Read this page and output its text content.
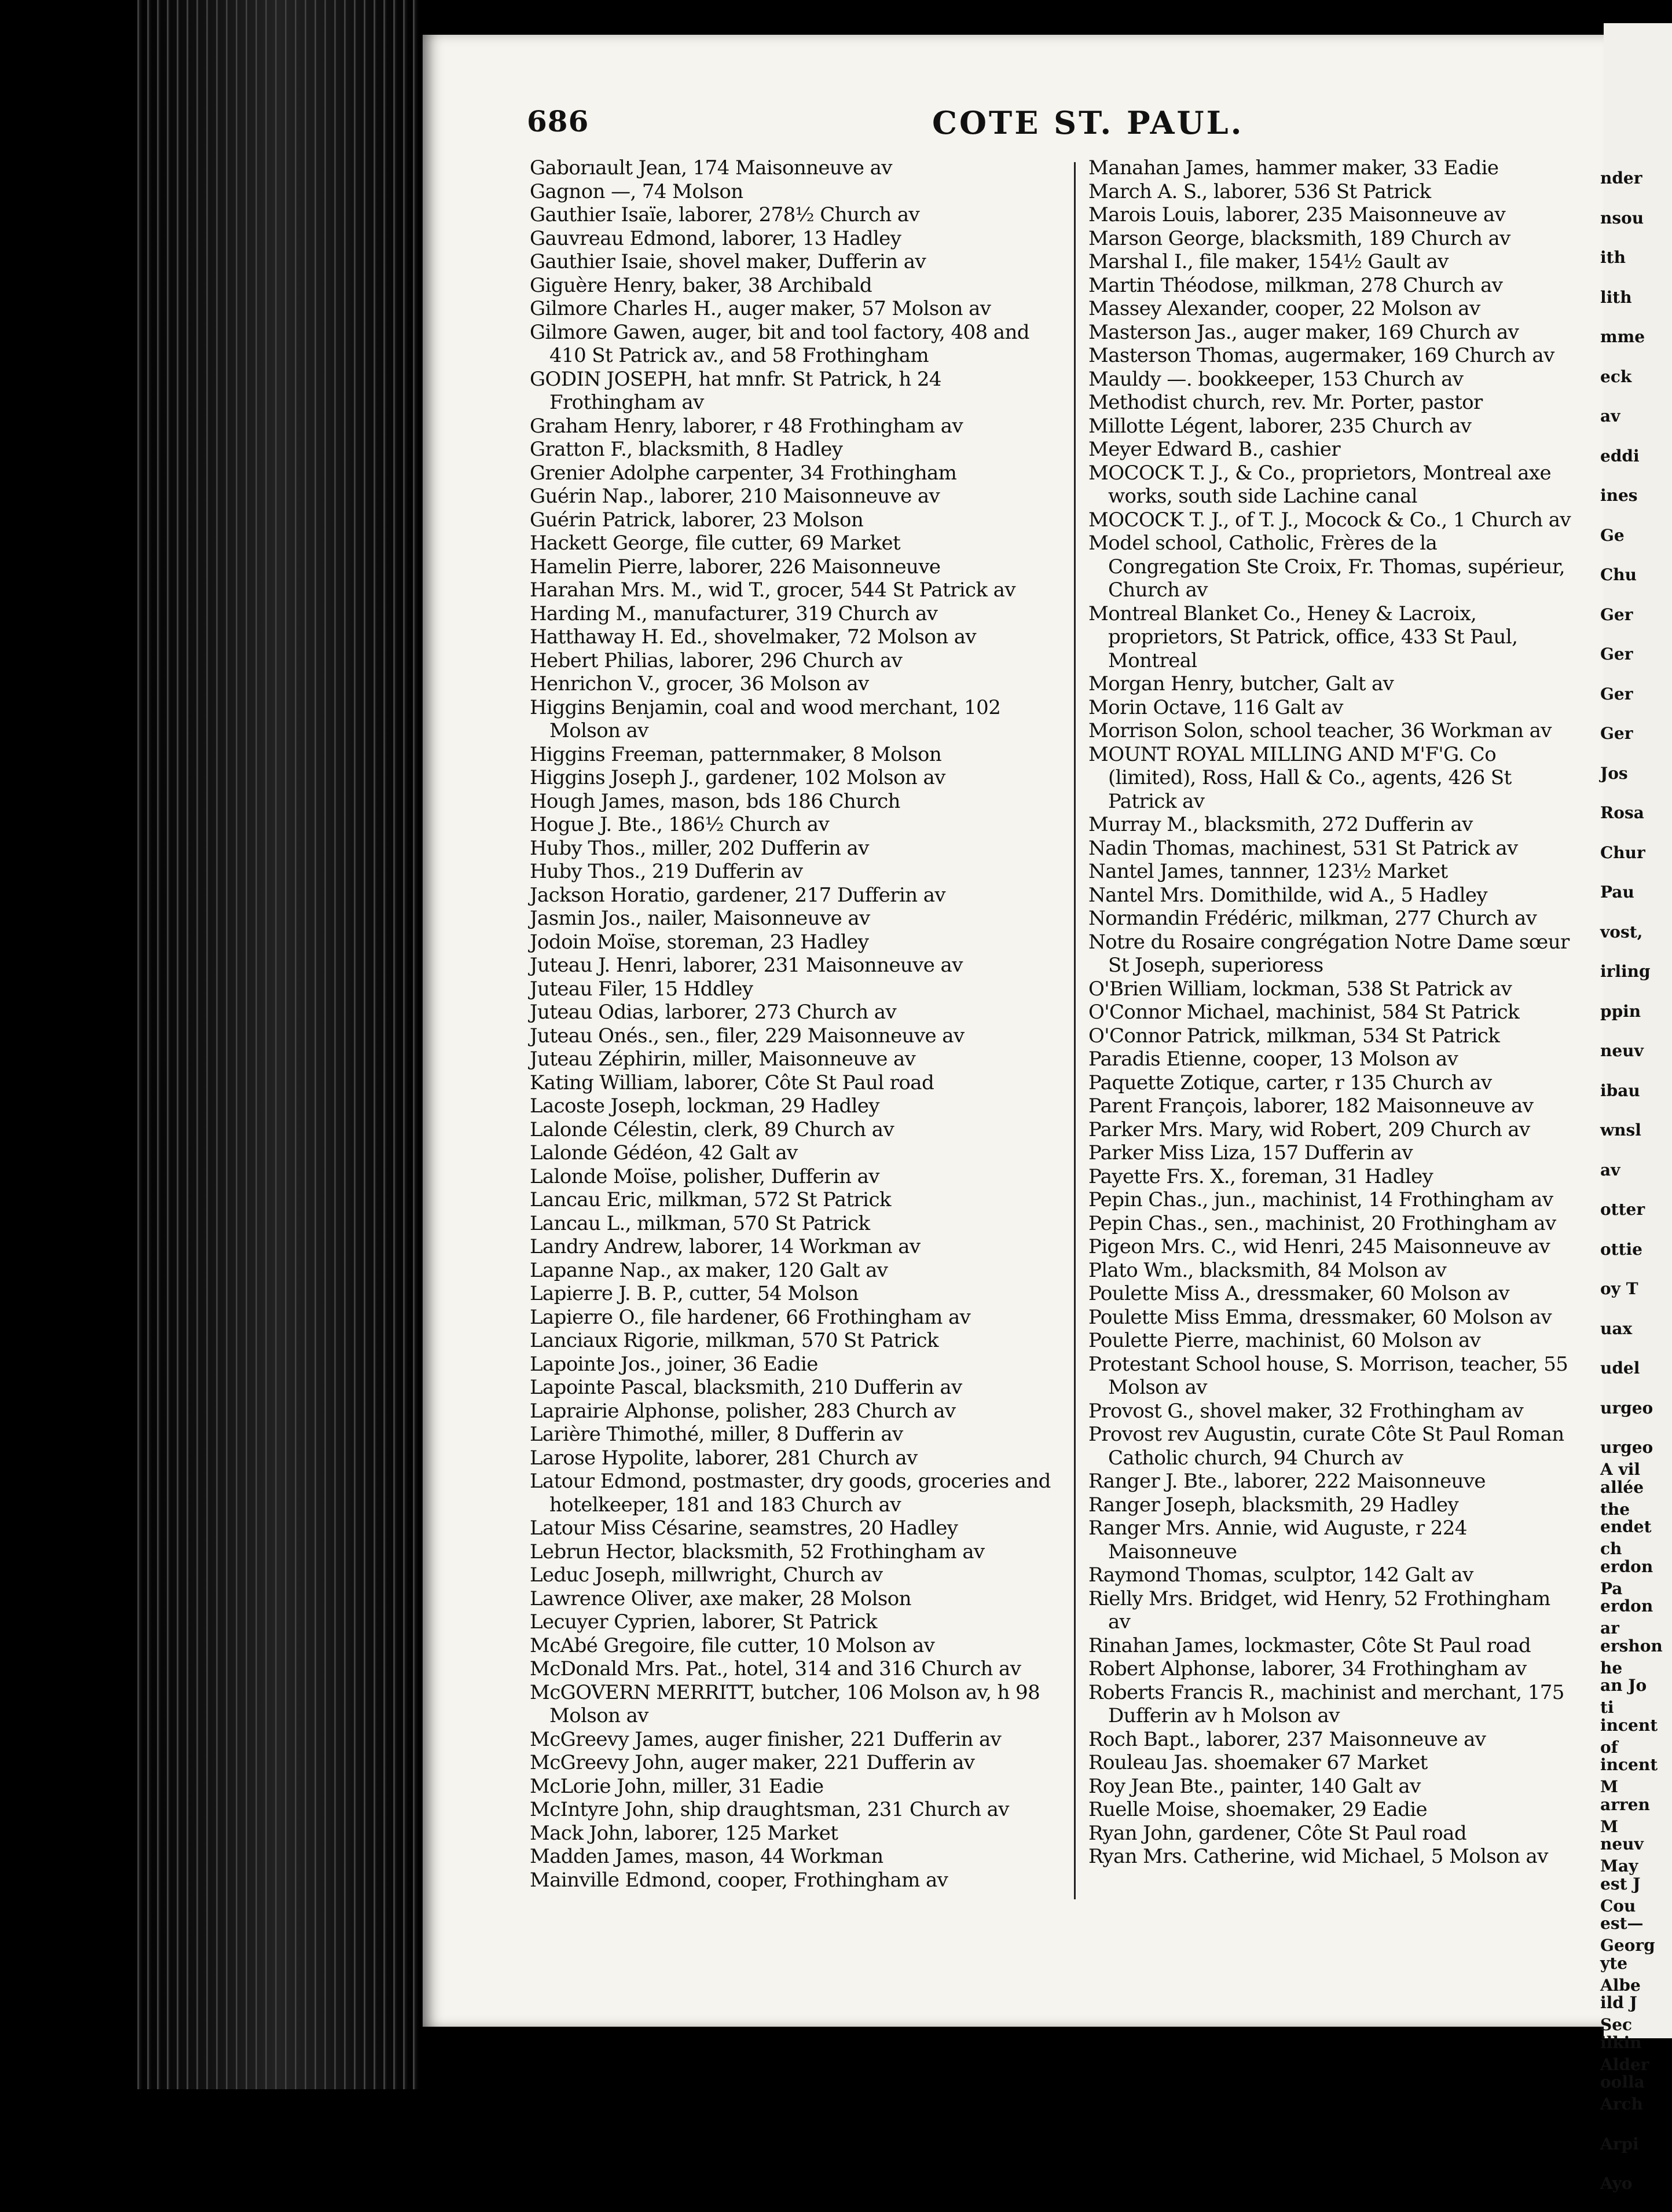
686	COTE ST. PAUL.

Gaborıault Jean, 174 Maisonneuve av

Gagnon —, 74 Molson

Gauthier Isaïe, laborer, 278½ Church av

Gauvreau Edmond, laborer, 13 Hadley

Gauthier Isaie, shovel maker, Dufferin av

Giguère Henry, baker, 38 Archibald

Gilmore Charles H., auger maker, 57 Molson av

Gilmore Gawen, auger, bit and tool factory, 408 and 410 St Patrick av., and 58 Frothingham

GODIN JOSEPH, hat mnfr. St Patrick, h 24 Frothingham av

Graham Henry, laborer, r 48 Frothingham av

Gratton F., blacksmith, 8 Hadley

Grenier Adolphe carpenter, 34 Frothingham

Guérin Nap., laborer, 210 Maisonneuve av

Guérin Patrick, laborer, 23 Molson

Hackett George, file cutter, 69 Market

Hamelin Pierre, laborer, 226 Maisonneuve

Harahan Mrs. M., wid T., grocer, 544 St Patrick av

Harding M., manufacturer, 319 Church av

Hatthaway H. Ed., shovelmaker, 72 Molson av

Hebert Philias, laborer, 296 Church av

Henrichon V., grocer, 36 Molson av

Higgins Benjamin, coal and wood merchant, 102 Molson av

Higgins Freeman, patternmaker, 8 Molson

Higgins Joseph J., gardener, 102 Molson av

Hough James, mason, bds 186 Church

Hogue J. Bte., 186½ Church av

Huby Thos., miller, 202 Dufferin av

Huby Thos., 219 Dufferin av

Jackson Horatio, gardener, 217 Dufferin av

Jasmin Jos., nailer, Maisonneuve av

Jodoin Moïse, storeman, 23 Hadley

Juteau J. Henri, laborer, 231 Maisonneuve av

Juteau Filer, 15 Hddley

Juteau Odias, larborer, 273 Church av

Juteau Onés., sen., filer, 229 Maisonneuve av

Juteau Zéphirin, miller, Maisonneuve av

Kating William, laborer, Côte St Paul road

Lacoste Joseph, lockman, 29 Hadley

Lalonde Célestin, clerk, 89 Church av

Lalonde Gédéon, 42 Galt av

Lalonde Moïse, polisher, Dufferin av

Lancau Eric, milkman, 572 St Patrick

Lancau L., milkman, 570 St Patrick

Landry Andrew, laborer, 14 Workman av

Lapanne Nap., ax maker, 120 Galt av

Lapierre J. B. P., cutter, 54 Molson

Lapierre O., file hardener, 66 Frothingham av

Lanciaux Rigorie, milkman, 570 St Patrick

Lapointe Jos., joiner, 36 Eadie

Lapointe Pascal, blacksmith, 210 Dufferin av

Laprairie Alphonse, polisher, 283 Church av

Larière Thimothé, miller, 8 Dufferin av

Larose Hypolite, laborer, 281 Church av

Latour Edmond, postmaster, dry goods, groceries and hotelkeeper, 181 and 183 Church av

Latour Miss Césarine, seamstres, 20 Hadley

Lebrun Hector, blacksmith, 52 Frothingham av

Leduc Joseph, millwright, Church av

Lawrence Oliver, axe maker, 28 Molson

Lecuyer Cyprien, laborer, St Patrick

McAbé Gregoire, file cutter, 10 Molson av

McDonald Mrs. Pat., hotel, 314 and 316 Church av

McGOVERN MERRITT, butcher, 106 Molson av, h 98 Molson av

McGreevy James, auger finisher, 221 Dufferin av

McGreevy John, auger maker, 221 Dufferin av

McLorie John, miller, 31 Eadie

McIntyre John, ship draughtsman, 231 Church av

Mack John, laborer, 125 Market

Madden James, mason, 44 Workman

Mainville Edmond, cooper, Frothingham av

Manahan James, hammer maker, 33 Eadie

March A. S., laborer, 536 St Patrick

Marois Louis, laborer, 235 Maisonneuve av

Marson George, blacksmith, 189 Church av

Marshal I., file maker, 154½ Gault av

Martin Théodose, milkman, 278 Church av

Massey Alexander, cooper, 22 Molson av

Masterson Jas., auger maker, 169 Church av

Masterson Thomas, augermaker, 169 Church av

Mauldy —. bookkeeper, 153 Church av

Methodist church, rev. Mr. Porter, pastor

Millotte Légent, laborer, 235 Church av

Meyer Edward B., cashier

MOCOCK T. J., & Co., proprietors, Montreal axe works, south side Lachine canal

MOCOCK T. J., of T. J., Mocock & Co., 1 Church av

Model school, Catholic, Frères de la Congregation Ste Croix, Fr. Thomas, supérieur, Church av

Montreal Blanket Co., Heney & Lacroix, proprietors, St Patrick, office, 433 St Paul, Montreal

Morgan Henry, butcher, Galt av

Morin Octave, 116 Galt av

Morrison Solon, school teacher, 36 Workman av

MOUNT ROYAL MILLING AND M'F'G. Co (limited), Ross, Hall & Co., agents, 426 St Patrick av

Murray M., blacksmith, 272 Dufferin av

Nadin Thomas, machinest, 531 St Patrick av

Nantel James, tannner, 123½ Market

Nantel Mrs. Domithilde, wid A., 5 Hadley

Normandin Frédéric, milkman, 277 Church av

Notre du Rosaire congrégation Notre Dame sœur St Joseph, superioress

O'Brien William, lockman, 538 St Patrick av

O'Connor Michael, machinist, 584 St Patrick

O'Connor Patrick, milkman, 534 St Patrick

Paradis Etienne, cooper, 13 Molson av

Paquette Zotique, carter, r 135 Church av

Parent François, laborer, 182 Maisonneuve av

Parker Mrs. Mary, wid Robert, 209 Church av

Parker Miss Liza, 157 Dufferin av

Payette Frs. X., foreman, 31 Hadley

Pepin Chas., jun., machinist, 14 Frothingham av

Pepin Chas., sen., machinist, 20 Frothingham av

Pigeon Mrs. C., wid Henri, 245 Maisonneuve av

Plato Wm., blacksmith, 84 Molson av

Poulette Miss A., dressmaker, 60 Molson av

Poulette Miss Emma, dressmaker, 60 Molson av

Poulette Pierre, machinist, 60 Molson av

Protestant School house, S. Morrison, teacher, 55 Molson av

Provost G., shovel maker, 32 Frothingham av

Provost rev Augustin, curate Côte St Paul Roman Catholic church, 94 Church av

Ranger J. Bte., laborer, 222 Maisonneuve

Ranger Joseph, blacksmith, 29 Hadley

Ranger Mrs. Annie, wid Auguste, r 224 Maisonneuve

Raymond Thomas, sculptor, 142 Galt av

Rielly Mrs. Bridget, wid Henry, 52 Frothingham av

Rinahan James, lockmaster, Côte St Paul road

Robert Alphonse, laborer, 34 Frothingham av

Roberts Francis R., machinist and merchant, 175 Dufferin av h Molson av

Roch Bapt., laborer, 237 Maisonneuve av

Rouleau Jas. shoemaker 67 Market

Roy Jean Bte., painter, 140 Galt av

Ruelle Moise, shoemaker, 29 Eadie

Ryan John, gardener, Côte St Paul road

Ryan Mrs. Catherine, wid Michael, 5 Molson av

nder

nsou

ith

lith

mme

eck

av

eddi

ines

Ge

Chu

Ger

Ger

Ger

Ger

Jos

Rosa

Chur

Pau

vost,

irling

ppin

neuv

ibau

wnsl

av

otter

ottie

oy T

uax

udel

urgeo

urgeo

allée

endet

erdon

erdon

ershon

an Jo

incent

incent

arren

neuv

est J

est—

yte

ild J

ilkin

oolla

A vil

the

ch

Pa

ar

he

ti

of

M

M

May

Cou

Georg

Albe

Sec

Alder

Arch

Arpi

Ayo
